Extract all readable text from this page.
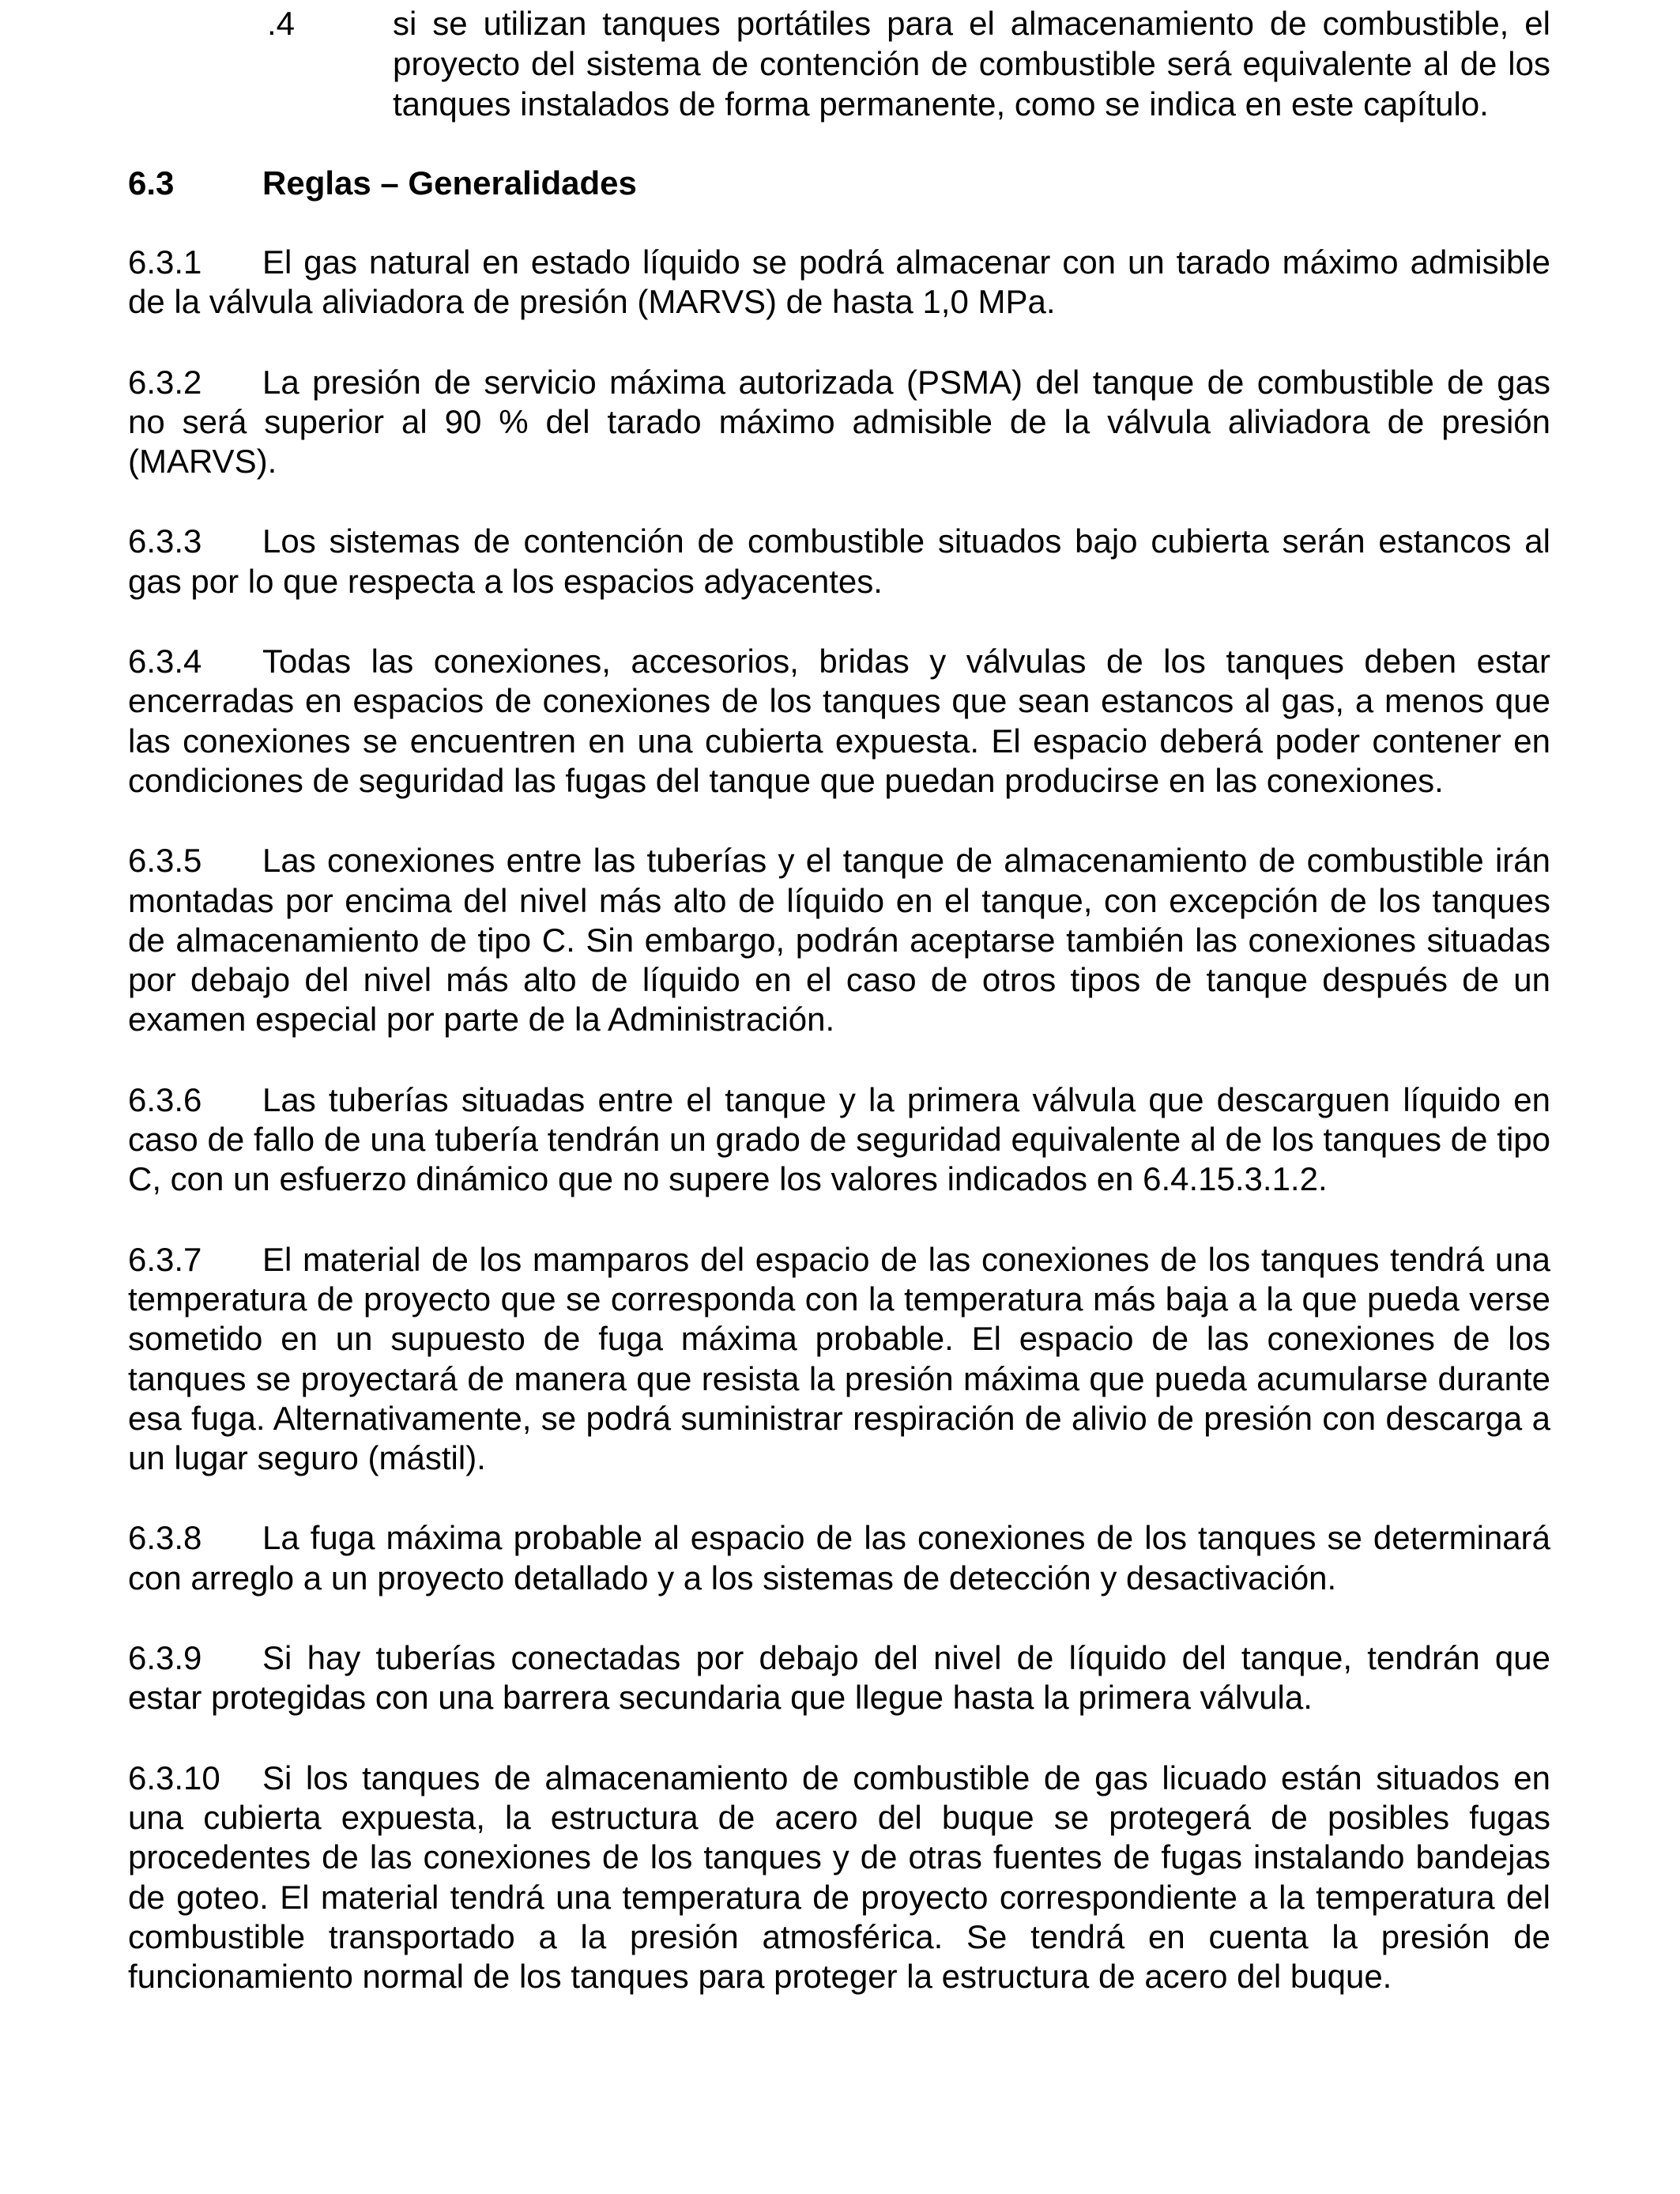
.4	si se utilizan tanques portátiles para el almacenamiento de combustible, el proyecto del sistema de contención de combustible será equivalente al de los tanques instalados de forma permanente, como se indica en este capítulo.
6.3	Reglas – Generalidades
6.3.1 El gas natural en estado líquido se podrá almacenar con un tarado máximo admisible de la válvula aliviadora de presión (MARVS) de hasta 1,0 MPa.
6.3.2 La presión de servicio máxima autorizada (PSMA) del tanque de combustible de gas no será superior al 90 % del tarado máximo admisible de la válvula aliviadora de presión (MARVS).
6.3.3 Los sistemas de contención de combustible situados bajo cubierta serán estancos al gas por lo que respecta a los espacios adyacentes.
6.3.4 Todas las conexiones, accesorios, bridas y válvulas de los tanques deben estar encerradas en espacios de conexiones de los tanques que sean estancos al gas, a menos que las conexiones se encuentren en una cubierta expuesta. El espacio deberá poder contener en condiciones de seguridad las fugas del tanque que puedan producirse en las conexiones.
6.3.5 Las conexiones entre las tuberías y el tanque de almacenamiento de combustible irán montadas por encima del nivel más alto de líquido en el tanque, con excepción de los tanques de almacenamiento de tipo C. Sin embargo, podrán aceptarse también las conexiones situadas por debajo del nivel más alto de líquido en el caso de otros tipos de tanque después de un examen especial por parte de la Administración.
6.3.6 Las tuberías situadas entre el tanque y la primera válvula que descarguen líquido en caso de fallo de una tubería tendrán un grado de seguridad equivalente al de los tanques de tipo C, con un esfuerzo dinámico que no supere los valores indicados en 6.4.15.3.1.2.
6.3.7 El material de los mamparos del espacio de las conexiones de los tanques tendrá una temperatura de proyecto que se corresponda con la temperatura más baja a la que pueda verse sometido en un supuesto de fuga máxima probable. El espacio de las conexiones de los tanques se proyectará de manera que resista la presión máxima que pueda acumularse durante esa fuga. Alternativamente, se podrá suministrar respiración de alivio de presión con descarga a un lugar seguro (mástil).
6.3.8 La fuga máxima probable al espacio de las conexiones de los tanques se determinará con arreglo a un proyecto detallado y a los sistemas de detección y desactivación.
6.3.9 Si hay tuberías conectadas por debajo del nivel de líquido del tanque, tendrán que estar protegidas con una barrera secundaria que llegue hasta la primera válvula.
6.3.10 Si los tanques de almacenamiento de combustible de gas licuado están situados en una cubierta expuesta, la estructura de acero del buque se protegerá de posibles fugas procedentes de las conexiones de los tanques y de otras fuentes de fugas instalando bandejas de goteo. El material tendrá una temperatura de proyecto correspondiente a la temperatura del combustible transportado a la presión atmosférica. Se tendrá en cuenta la presión de funcionamiento normal de los tanques para proteger la estructura de acero del buque.
